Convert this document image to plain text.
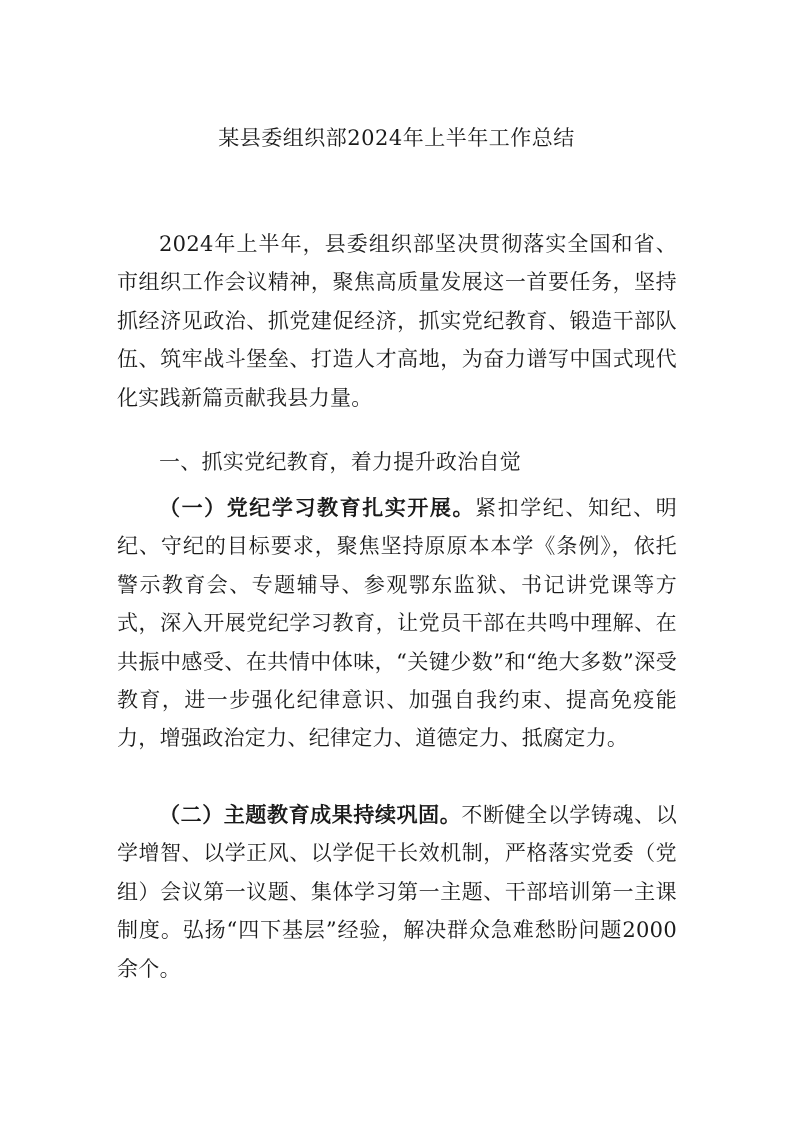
某县委组织部2024年上半年工作总结

2024年上半年，县委组织部坚决贯彻落实全国和省、市组织工作会议精神，聚焦高质量发展这一首要任务，坚持抓经济见政治、抓党建促经济，抓实党纪教育、锻造干部队伍、筑牢战斗堡垒、打造人才高地，为奋力谱写中国式现代化实践新篇贡献我县力量。

一、抓实党纪教育，着力提升政治自觉

（一）党纪学习教育扎实开展。紧扣学纪、知纪、明纪、守纪的目标要求，聚焦坚持原原本本学《条例》，依托警示教育会、专题辅导、参观鄂东监狱、书记讲党课等方式，深入开展党纪学习教育，让党员干部在共鸣中理解、在共振中感受、在共情中体味，“关键少数”和“绝大多数”深受教育，进一步强化纪律意识、加强自我约束、提高免疫能力，增强政治定力、纪律定力、道德定力、抵腐定力。

（二）主题教育成果持续巩固。不断健全以学铸魂、以学增智、以学正风、以学促干长效机制，严格落实党委（党组）会议第一议题、集体学习第一主题、干部培训第一主课制度。弘扬“四下基层”经验，解决群众急难愁盼问题2000余个。
